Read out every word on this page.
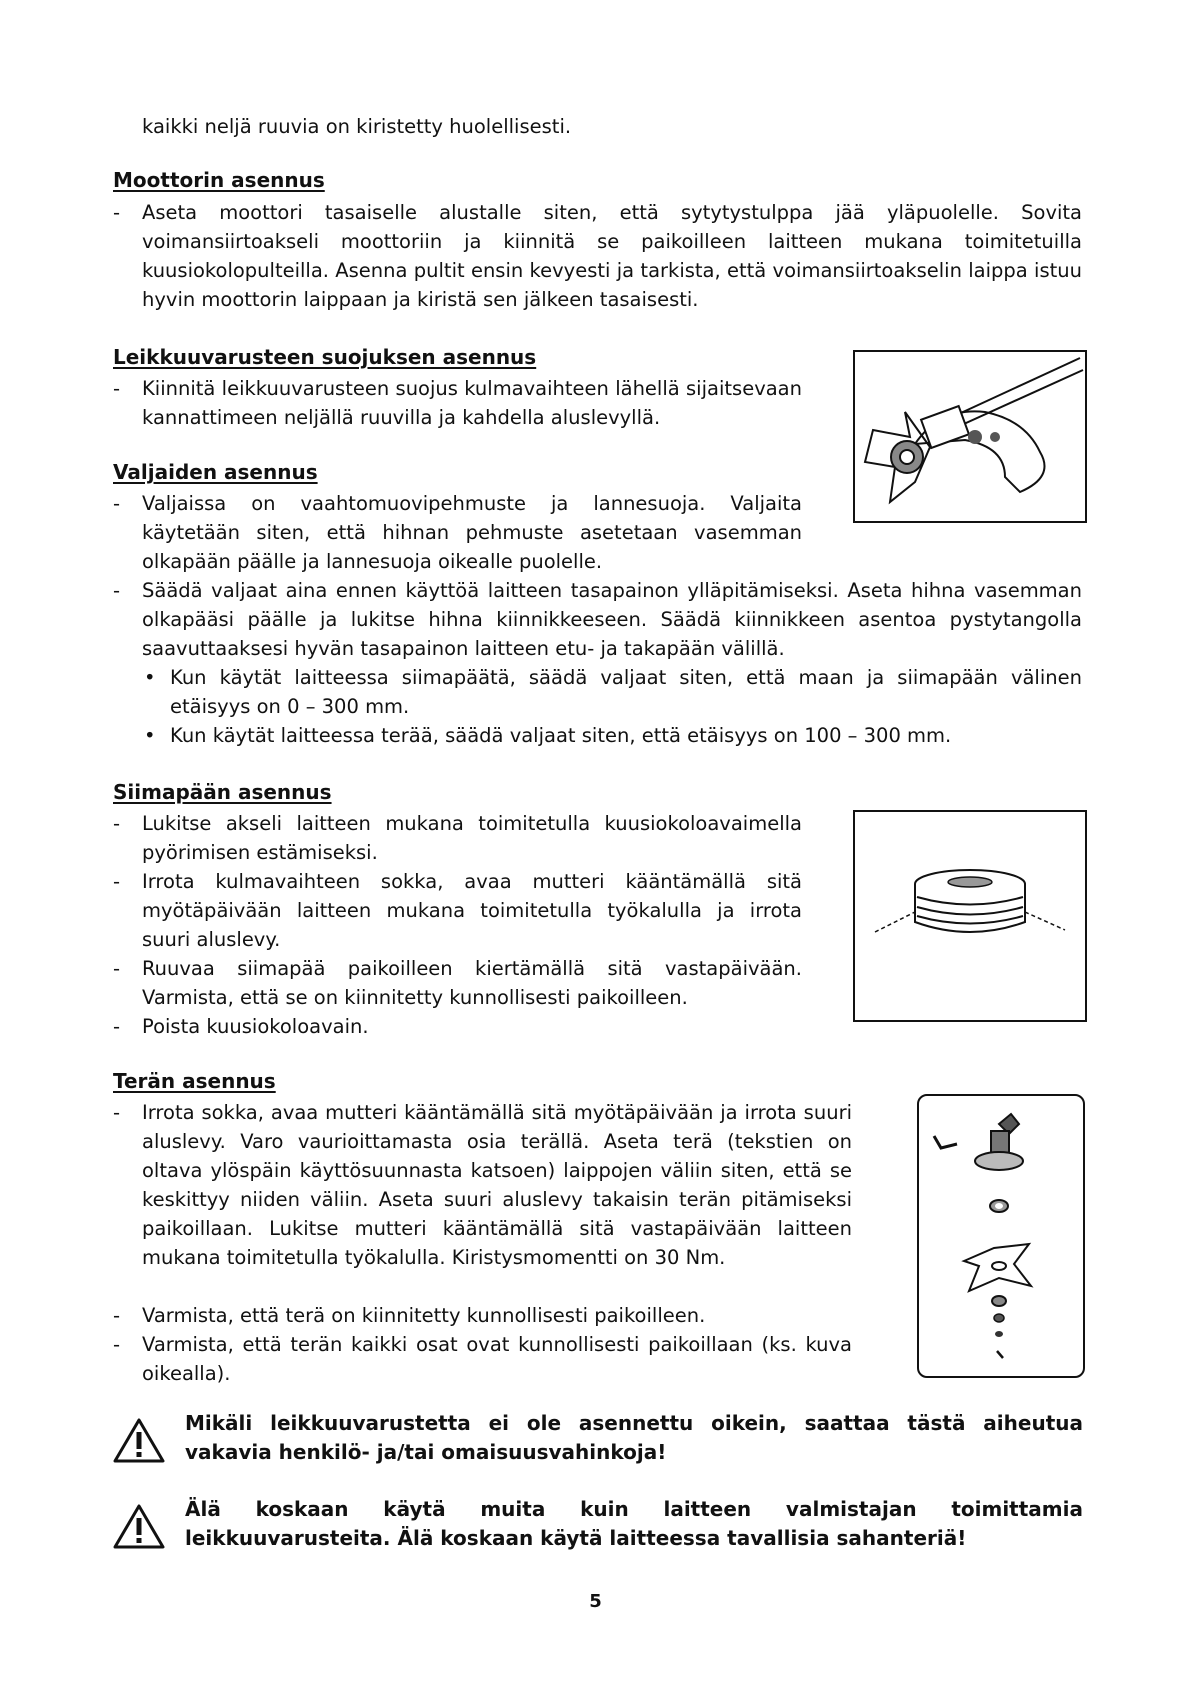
kaikki neljä ruuvia on kiristetty huolellisesti.
Moottorin asennus
- Aseta moottori tasaiselle alustalle siten, että sytytystulppa jää yläpuolelle. Sovita voimansiirtoakseli moottoriin ja kiinnitä se paikoilleen laitteen mukana toimitetuilla kuusiokolopulteilla. Asenna pultit ensin kevyesti ja tarkista, että voimansiirtoakselin laippa istuu hyvin moottorin laippaan ja kiristä sen jälkeen tasaisesti.
Leikkuuvarusteen suojuksen asennus
- Kiinnitä leikkuuvarusteen suojus kulmavaihteen lähellä sijaitsevaan kannattimeen neljällä ruuvilla ja kahdella aluslevyllä.
Valjaiden asennus
- Valjaissa on vaahtomuovipehmuste ja lannesuoja. Valjaita käytetään siten, että hihnan pehmuste asetetaan vasemman olkapään päälle ja lannesuoja oikealle puolelle.
- Säädä valjaat aina ennen käyttöä laitteen tasapainon ylläpitämiseksi. Aseta hihna vasemman olkapääsi päälle ja lukitse hihna kiinnikkeeseen. Säädä kiinnikkeen asentoa pystytangolla saavuttaaksesi hyvän tasapainon laitteen etu- ja takapään välillä.
• Kun käytät laitteessa siimapäätä, säädä valjaat siten, että maan ja siimapään välinen etäisyys on 0 – 300 mm.
• Kun käytät laitteessa terää, säädä valjaat siten, että etäisyys on 100 – 300 mm.
Siimapään asennus
- Lukitse akseli laitteen mukana toimitetulla kuusiokoloavaimella pyörimisen estämiseksi.
- Irrota kulmavaihteen sokka, avaa mutteri kääntämällä sitä myötäpäivään laitteen mukana toimitetulla työkalulla ja irrota suuri aluslevy.
- Ruuvaa siimapää paikoilleen kiertämällä sitä vastapäivään. Varmista, että se on kiinnitetty kunnollisesti paikoilleen.
- Poista kuusiokoloavain.
Terän asennus
- Irrota sokka, avaa mutteri kääntämällä sitä myötäpäivään ja irrota suuri aluslevy. Varo vaurioittamasta osia terällä. Aseta terä (tekstien on oltava ylöspäin käyttösuunnasta katsoen) laippojen väliin siten, että se keskittyy niiden väliin. Aseta suuri aluslevy takaisin terän pitämiseksi paikoillaan. Lukitse mutteri kääntämällä sitä vastapäivään laitteen mukana toimitetulla työkalulla. Kiristysmomentti on 30 Nm.
- Varmista, että terä on kiinnitetty kunnollisesti paikoilleen.
- Varmista, että terän kaikki osat ovat kunnollisesti paikoillaan (ks. kuva oikealla).
Mikäli leikkuuvarustetta ei ole asennettu oikein, saattaa tästä aiheutua vakavia henkilö- ja/tai omaisuusvahinkoja!
Älä koskaan käytä muita kuin laitteen valmistajan toimittamia leikkuuvarusteita. Älä koskaan käytä laitteessa tavallisia sahanteriä!
5
